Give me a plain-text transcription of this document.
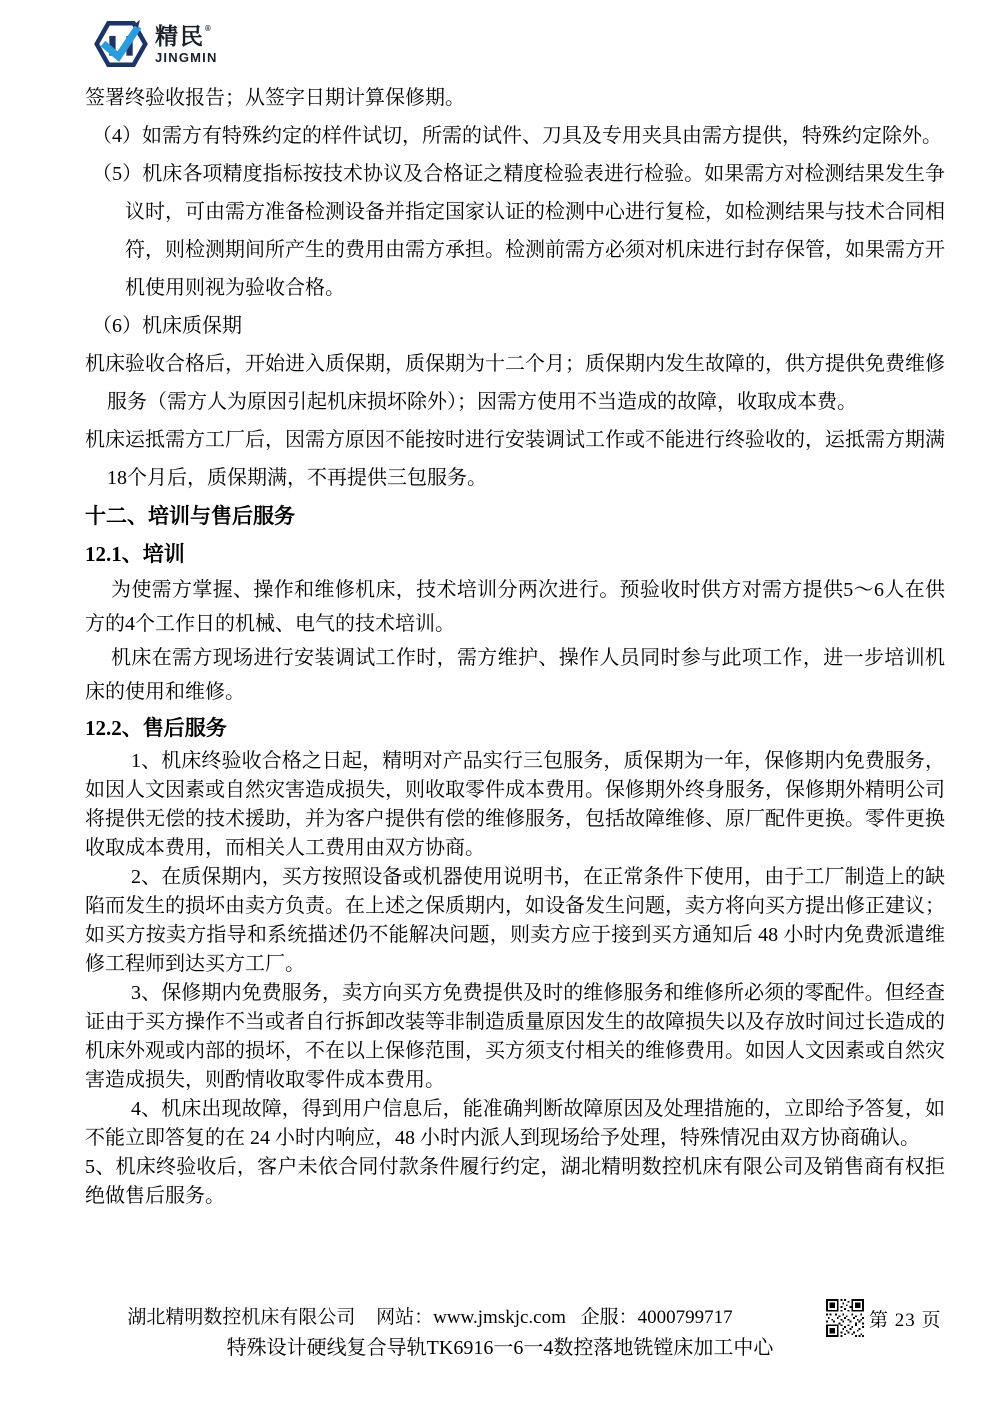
精民®
JINGMIN

签署终验收报告；从签字日期计算保修期。

（4）如需方有特殊约定的样件试切，所需的试件、刀具及专用夹具由需方提供，特殊约定除外。

（5）机床各项精度指标按技术协议及合格证之精度检验表进行检验。如果需方对检测结果发生争议时，可由需方准备检测设备并指定国家认证的检测中心进行复检，如检测结果与技术合同相符，则检测期间所产生的费用由需方承担。检测前需方必须对机床进行封存保管，如果需方开机使用则视为验收合格。

（6）机床质保期

机床验收合格后，开始进入质保期，质保期为十二个月；质保期内发生故障的，供方提供免费维修服务（需方人为原因引起机床损坏除外）；因需方使用不当造成的故障，收取成本费。

机床运抵需方工厂后，因需方原因不能按时进行安装调试工作或不能进行终验收的，运抵需方期满18个月后，质保期满，不再提供三包服务。

十二、培训与售后服务

12.1、培训

为使需方掌握、操作和维修机床，技术培训分两次进行。预验收时供方对需方提供5～6人在供方的4个工作日的机械、电气的技术培训。

机床在需方现场进行安装调试工作时，需方维护、操作人员同时参与此项工作，进一步培训机床的使用和维修。

12.2、售后服务

1、机床终验收合格之日起，精明对产品实行三包服务，质保期为一年，保修期内免费服务，如因人文因素或自然灾害造成损失，则收取零件成本费用。保修期外终身服务，保修期外精明公司将提供无偿的技术援助，并为客户提供有偿的维修服务，包括故障维修、原厂配件更换。零件更换收取成本费用，而相关人工费用由双方协商。

2、在质保期内，买方按照设备或机器使用说明书，在正常条件下使用，由于工厂制造上的缺陷而发生的损坏由卖方负责。在上述之保质期内，如设备发生问题，卖方将向买方提出修正建议；如买方按卖方指导和系统描述仍不能解决问题，则卖方应于接到买方通知后 48 小时内免费派遣维修工程师到达买方工厂。

3、保修期内免费服务，卖方向买方免费提供及时的维修服务和维修所必须的零配件。但经查证由于买方操作不当或者自行拆卸改装等非制造质量原因发生的故障损失以及存放时间过长造成的机床外观或内部的损坏，不在以上保修范围，买方须支付相关的维修费用。如因人文因素或自然灾害造成损失，则酌情收取零件成本费用。

4、机床出现故障，得到用户信息后，能准确判断故障原因及处理措施的，立即给予答复，如不能立即答复的在 24 小时内响应，48 小时内派人到现场给予处理，特殊情况由双方协商确认。

5、机床终验收后，客户未依合同付款条件履行约定，湖北精明数控机床有限公司及销售商有权拒绝做售后服务。

湖北精明数控机床有限公司 网站：www.jmskjc.com 企服：4000799717	第 23 页
特殊设计硬线复合导轨TK6916一6一4数控落地铣镗床加工中心
